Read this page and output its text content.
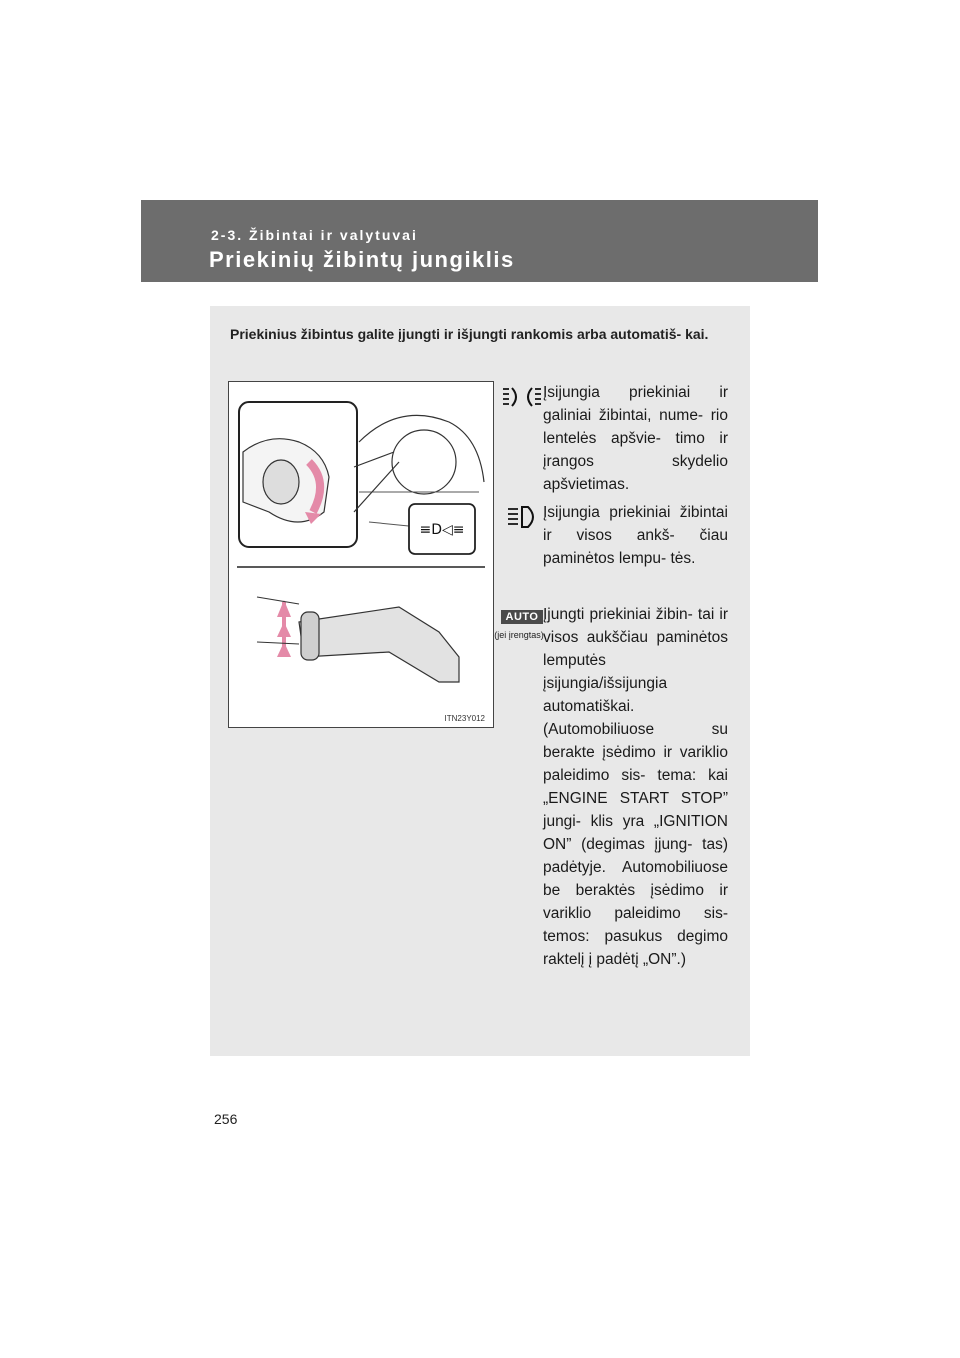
2-3. Žibintai ir valytuvai
Priekinių žibintų jungiklis
Priekinius žibintus galite įjungti ir išjungti rankomis arba automatiš- kai.
≡D◁≡
ITN23Y012
Įsijungia priekiniai ir galiniai žibintai, nume- rio lentelės apšvie- timo ir įrangos skydelio apšvietimas.
Įsijungia priekiniai žibintai ir visos ankš- čiau paminėtos lempu- tės.
AUTO
(jei įrengtas)
Įjungti priekiniai žibin- tai ir visos aukščiau paminėtos lemputės įsijungia/išsijungia automatiškai. (Automobiliuose su berakte įsėdimo ir variklio paleidimo sis- tema: kai „ENGINE START STOP” jungi- klis yra „IGNITION ON” (degimas įjung- tas) padėtyje. Automobiliuose be beraktės įsėdimo ir variklio paleidimo sis- temos: pasukus degimo raktelį į padėtį „ON”.)
256
